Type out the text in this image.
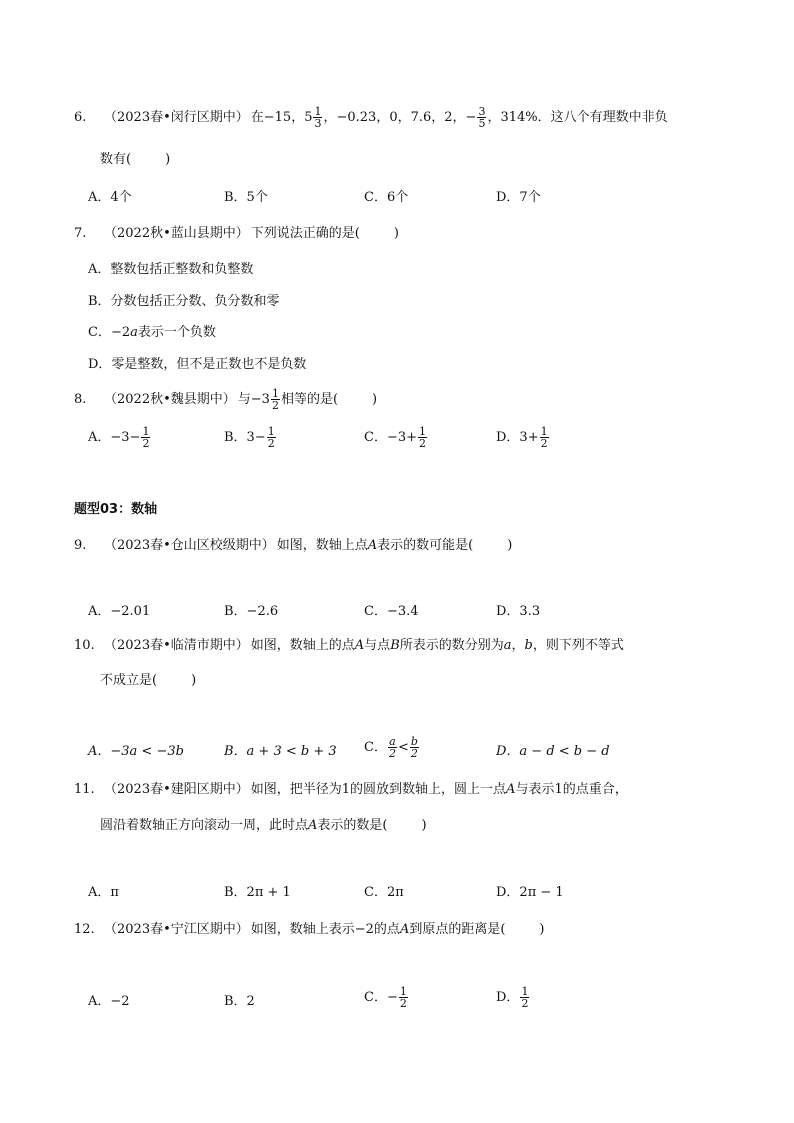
6. （2023春•闵行区期中） 在−15，$5 \frac{1}{3}$ ，−0.23，0，7.6，2，− $\frac{3}{5}$ ，314%．这八个有理数中非负
数有(	)
A．4个	B．5个	C．6个	D．7个
7. （2022秋•蓝山县期中） 下列说法正确的是(	)
A．整数包括正整数和负整数
B．分数包括正分数、负分数和零
C．−2a表示一个负数
D．零是整数，但不是正数也不是负数
8. （2022秋•魏县期中） 与$-3 \frac{1}{2}$ 相等的是(	)
A．$-3- \frac{1}{2}$	B．$3- \frac{1}{2}$	C．$-3+ \frac{1}{2}$	D．$3+ \frac{1}{2}$
题型03：数轴
9. （2023春•仓山区校级期中） 如图，数轴上点A表示的数可能是(	)
A．−2.01	B．−2.6	C．−3.4	D．3.3
10. （2023春•临清市期中） 如图，数轴上的点A与点B所表示的数分别为a，b，则下列不等式
不成立是(	)
A．−3a < −3b	B．a + 3 < b + 3 C． $\frac{a}{2} < \frac{b}{2}$	D．a − d < b − d
11. （2023春•建阳区期中） 如图，把半径为1的圆放到数轴上，圆上一点A与表示1的点重合，
圆沿着数轴正方向滚动一周，此时点A表示的数是(	)
A．π	B．2π + 1	C．2π	D．2π − 1
12. （2023春•宁江区期中） 如图，数轴上表示−2的点A到原点的距离是(	)
A．−2	B．2	C．− $\frac{1}{2}$	D． $\frac{1}{2}$
